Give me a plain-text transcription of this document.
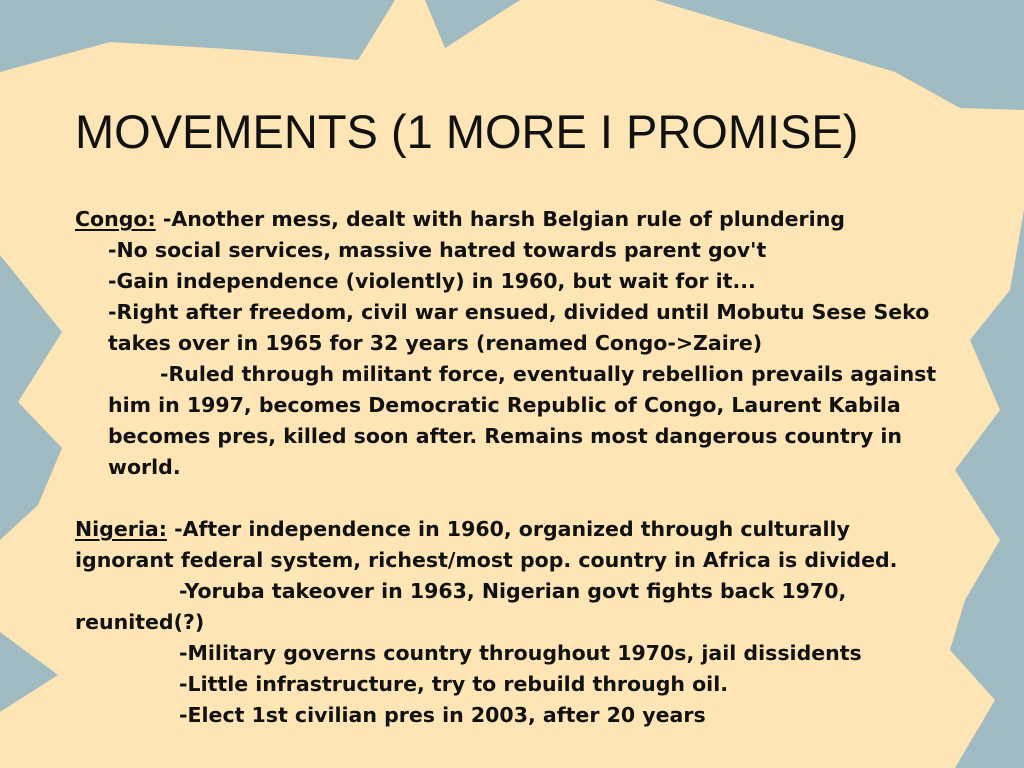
MOVEMENTS (1 MORE I PROMISE)
Congo: -Another mess, dealt with harsh Belgian rule of plundering
-No social services, massive hatred towards parent gov't
-Gain independence (violently) in 1960, but wait for it...
-Right after freedom, civil war ensued, divided until Mobutu Sese Seko
takes over in 1965 for 32 years (renamed Congo->Zaire)
-Ruled through militant force, eventually rebellion prevails against
him in 1997, becomes Democratic Republic of Congo, Laurent Kabila
becomes pres, killed soon after. Remains most dangerous country in
world.
Nigeria: -After independence in 1960, organized through culturally
ignorant federal system, richest/most pop. country in Africa is divided.
-Yoruba takeover in 1963, Nigerian govt fights back 1970,
reunited(?)
-Military governs country throughout 1970s, jail dissidents
-Little infrastructure, try to rebuild through oil.
-Elect 1st civilian pres in 2003, after 20 years
